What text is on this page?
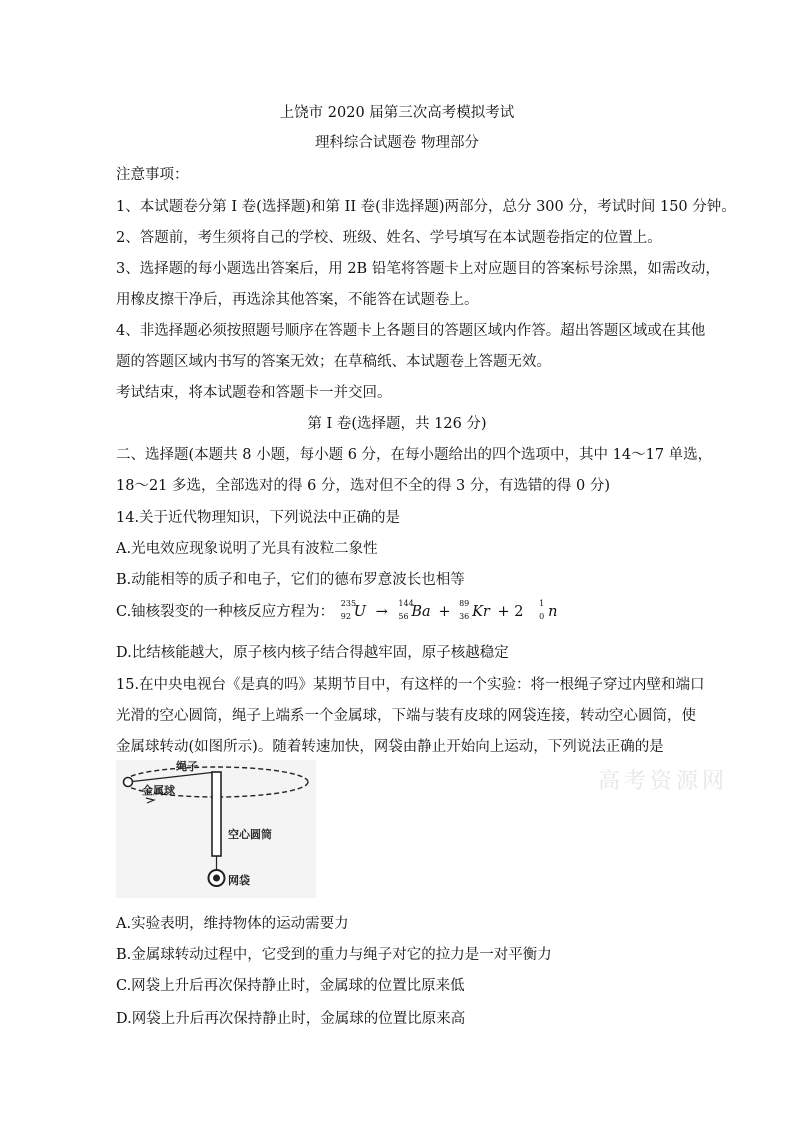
上饶市 2020 届第三次高考模拟考试
理科综合试题卷 物理部分
注意事项：
1、本试题卷分第 I 卷(选择题)和第 II 卷(非选择题)两部分，总分 300 分，考试时间 150 分钟。
2、答题前，考生须将自己的学校、班级、姓名、学号填写在本试题卷指定的位置上。
3、选择题的每小题选出答案后，用 2B 铅笔将答题卡上对应题目的答案标号涂黑，如需改动，
用橡皮擦干净后，再选涂其他答案，不能答在试题卷上。
4、非选择题必须按照题号顺序在答题卡上各题目的答题区域内作答。超出答题区域或在其他
题的答题区域内书写的答案无效；在草稿纸、本试题卷上答题无效。
考试结束，将本试题卷和答题卡一并交回。
第 I 卷(选择题，共 126 分)
二、选择题(本题共 8 小题，每小题 6 分，在每小题给出的四个选项中，其中 14～17 单选，
18～21 多选，全部选对的得 6 分，选对但不全的得 3 分，有选错的得 0 分)
14.关于近代物理知识，下列说法中正确的是
A.光电效应现象说明了光具有波粒二象性
B.动能相等的质子和电子，它们的德布罗意波长也相等
C.铀核裂变的一种核反应方程为：
235
92 U →
144
56 Ba +
89
36 Kr + 2
1
0 n
D.比结核能越大，原子核内核子结合得越牢固，原子核越稳定
15.在中央电视台《是真的吗》某期节目中，有这样的一个实验：将一根绳子穿过内壁和端口
光滑的空心圆筒，绳子上端系一个金属球，下端与装有皮球的网袋连接，转动空心圆筒，使
金属球转动(如图所示)。随着转速加快，网袋由静止开始向上运动，下列说法正确的是
高考资源网
绳子
金属球
空心圆筒
网袋
A.实验表明，维持物体的运动需要力
B.金属球转动过程中，它受到的重力与绳子对它的拉力是一对平衡力
C.网袋上升后再次保持静止时，金属球的位置比原来低
D.网袋上升后再次保持静止时，金属球的位置比原来高
